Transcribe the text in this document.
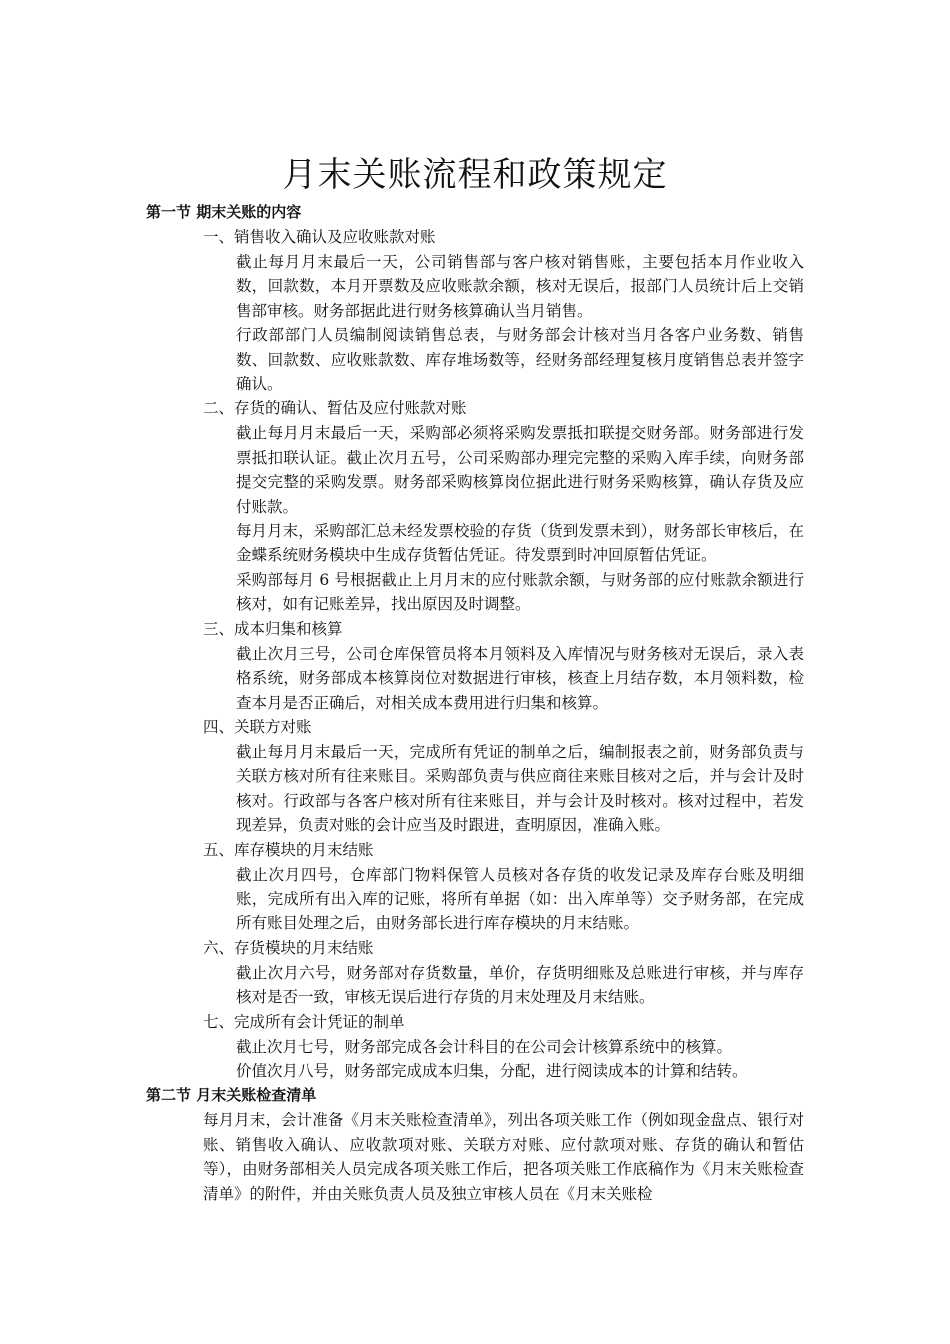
月末关账流程和政策规定

第一节 期末关账的内容

一、销售收入确认及应收账款对账

截止每月月末最后一天，公司销售部与客户核对销售账，主要包括本月作业收入数，回款数，本月开票数及应收账款余额，核对无误后，报部门人员统计后上交销售部审核。财务部据此进行财务核算确认当月销售。

行政部部门人员编制阅读销售总表，与财务部会计核对当月各客户业务数、销售数、回款数、应收账款数、库存堆场数等，经财务部经理复核月度销售总表并签字确认。

二、存货的确认、暂估及应付账款对账

截止每月月末最后一天，采购部必须将采购发票抵扣联提交财务部。财务部进行发票抵扣联认证。截止次月五号，公司采购部办理完完整的采购入库手续，向财务部提交完整的采购发票。财务部采购核算岗位据此进行财务采购核算，确认存货及应付账款。

每月月末，采购部汇总未经发票校验的存货（货到发票未到），财务部长审核后，在金蝶系统财务模块中生成存货暂估凭证。待发票到时冲回原暂估凭证。

采购部每月 6 号根据截止上月月末的应付账款余额，与财务部的应付账款余额进行核对，如有记账差异，找出原因及时调整。

三、成本归集和核算

截止次月三号，公司仓库保管员将本月领料及入库情况与财务核对无误后，录入表格系统，财务部成本核算岗位对数据进行审核，核查上月结存数，本月领料数，检查本月是否正确后，对相关成本费用进行归集和核算。

四、关联方对账

截止每月月末最后一天，完成所有凭证的制单之后，编制报表之前，财务部负责与关联方核对所有往来账目。采购部负责与供应商往来账目核对之后，并与会计及时核对。行政部与各客户核对所有往来账目，并与会计及时核对。核对过程中，若发现差异，负责对账的会计应当及时跟进，查明原因，准确入账。

五、库存模块的月末结账

截止次月四号，仓库部门物料保管人员核对各存货的收发记录及库存台账及明细账，完成所有出入库的记账，将所有单据（如：出入库单等）交予财务部，在完成所有账目处理之后，由财务部长进行库存模块的月末结账。

六、存货模块的月末结账

截止次月六号，财务部对存货数量，单价，存货明细账及总账进行审核，并与库存核对是否一致，审核无误后进行存货的月末处理及月末结账。

七、完成所有会计凭证的制单

截止次月七号，财务部完成各会计科目的在公司会计核算系统中的核算。

价值次月八号，财务部完成成本归集，分配，进行阅读成本的计算和结转。

第二节 月末关账检查清单

每月月末，会计准备《月末关账检查清单》，列出各项关账工作（例如现金盘点、银行对账、销售收入确认、应收款项对账、关联方对账、应付款项对账、存货的确认和暂估等），由财务部相关人员完成各项关账工作后，把各项关账工作底稿作为《月末关账检查清单》的附件，并由关账负责人员及独立审核人员在《月末关账检
